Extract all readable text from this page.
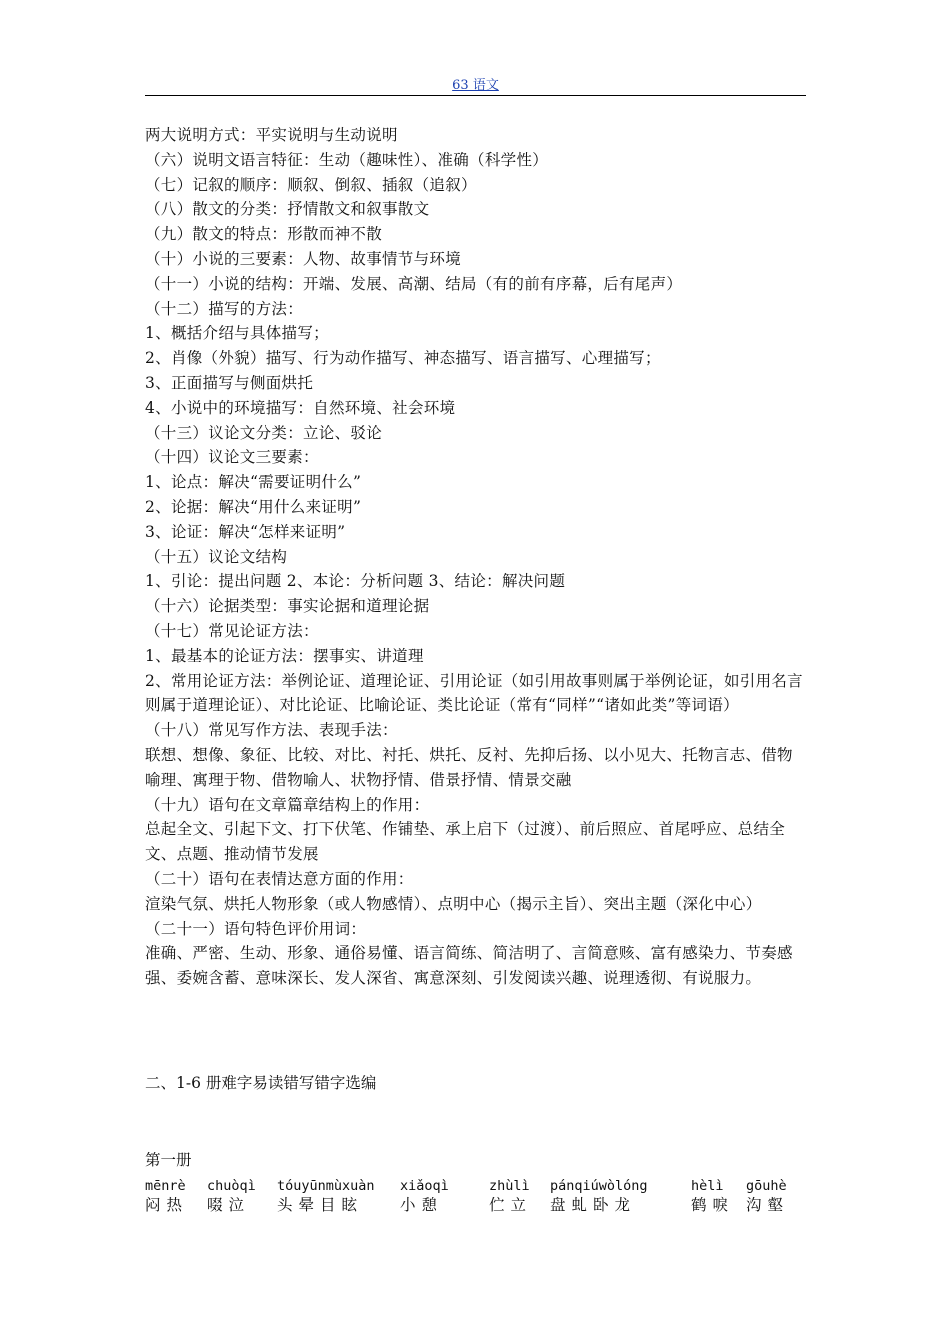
63 语文
两大说明方式：平实说明与生动说明
（六）说明文语言特征：生动（趣味性）、准确（科学性）
（七）记叙的顺序：顺叙、倒叙、插叙（追叙）
（八）散文的分类：抒情散文和叙事散文
（九）散文的特点：形散而神不散
（十）小说的三要素：人物、故事情节与环境
（十一）小说的结构：开端、发展、高潮、结局（有的前有序幕，后有尾声）
（十二）描写的方法：
1、概括介绍与具体描写；
2、肖像（外貌）描写、行为动作描写、神态描写、语言描写、心理描写；
3、正面描写与侧面烘托
4、小说中的环境描写：自然环境、社会环境
（十三）议论文分类：立论、驳论
（十四）议论文三要素：
1、论点：解决“需要证明什么”
2、论据：解决“用什么来证明”
3、论证：解决“怎样来证明”
（十五）议论文结构
1、引论：提出问题 2、本论：分析问题 3、结论：解决问题
（十六）论据类型：事实论据和道理论据
（十七）常见论证方法：
1、最基本的论证方法：摆事实、讲道理
2、常用论证方法：举例论证、道理论证、引用论证（如引用故事则属于举例论证，如引用名言则属于道理论证）、对比论证、比喻论证、类比论证（常有“同样”“诸如此类”等词语）
（十八）常见写作方法、表现手法：
联想、想像、象征、比较、对比、衬托、烘托、反衬、先抑后扬、以小见大、托物言志、借物喻理、寓理于物、借物喻人、状物抒情、借景抒情、情景交融
（十九）语句在文章篇章结构上的作用：
总起全文、引起下文、打下伏笔、作铺垫、承上启下（过渡）、前后照应、首尾呼应、总结全文、点题、推动情节发展
（二十）语句在表情达意方面的作用：
渲染气氛、烘托人物形象（或人物感情）、点明中心（揭示主旨）、突出主题（深化中心）
（二十一）语句特色评价用词：
准确、严密、生动、形象、通俗易懂、语言简练、简洁明了、言简意赅、富有感染力、节奏感强、委婉含蓄、意味深长、发人深省、寓意深刻、引发阅读兴趣、说理透彻、有说服力。
二、1-6 册难字易读错写错字选编
第一册
mēnrè
闷热
chuòqì
啜泣
tóuyūnmùxuàn
头晕目眩
xiǎoqì
小憩
zhùlì
伫立
pánqiúwòlóng
盘虬卧龙
hèlì
鹤唳
gōuhè
沟壑
